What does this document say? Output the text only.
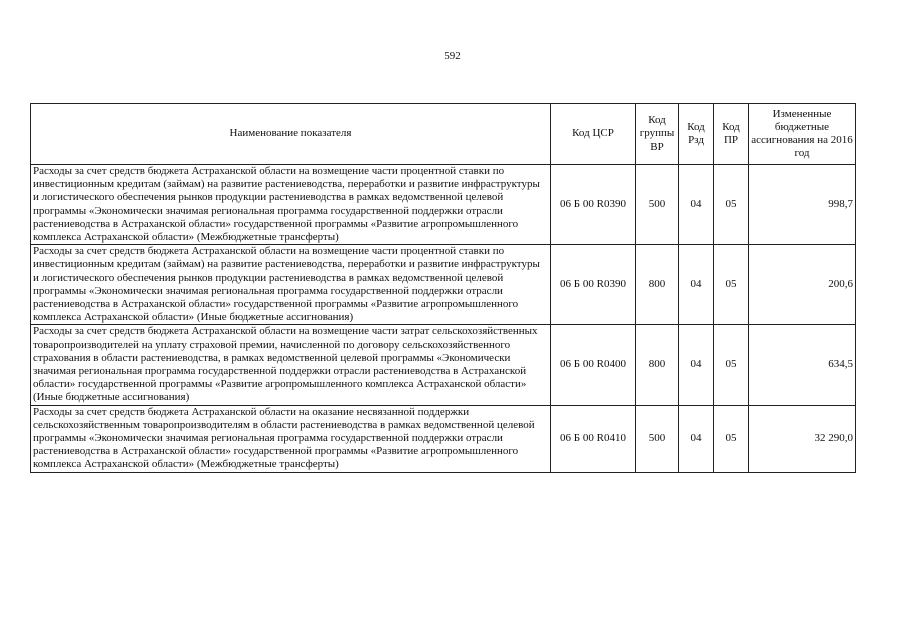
592
Наименование показателя	Код ЦСР	Код группы ВР	Код Рзд	Код ПР	Измененные бюджетные ассигнования на 2016 год
Расходы за счет средств бюджета Астраханской области на возмещение части процентной ставки по инвестиционным кредитам (займам) на развитие растениеводства, переработки и развитие инфраструктуры и логистического обеспечения рынков продукции растениеводства в рамках ведомственной целевой программы «Экономически значимая региональная программа государственной поддержки отрасли растениеводства в Астраханской области» государственной программы «Развитие агропромышленного комплекса Астраханской области» (Межбюджетные трансферты)	06 Б 00 R0390	500	04	05	998,7
Расходы за счет средств бюджета Астраханской области на возмещение части процентной ставки по инвестиционным кредитам (займам) на развитие растениеводства, переработки и развитие инфраструктуры и логистического обеспечения рынков продукции растениеводства в рамках ведомственной целевой программы «Экономически значимая региональная программа государственной поддержки отрасли растениеводства в Астраханской области» государственной программы «Развитие агропромышленного комплекса Астраханской области» (Иные бюджетные ассигнования)	06 Б 00 R0390	800	04	05	200,6
Расходы за счет средств бюджета Астраханской области на возмещение части затрат сельскохозяйственных товаропроизводителей на уплату страховой премии, начисленной по договору сельскохозяйственного страхования в области растениеводства, в рамках ведомственной целевой программы «Экономически значимая региональная программа государственной поддержки отрасли растениеводства в Астраханской области» государственной программы «Развитие агропромышленного комплекса Астраханской области» (Иные бюджетные ассигнования)	06 Б 00 R0400	800	04	05	634,5
Расходы за счет средств бюджета Астраханской области на оказание несвязанной поддержки сельскохозяйственным товаропроизводителям в области растениеводства в рамках ведомственной целевой программы «Экономически значимая региональная программа государственной поддержки отрасли растениеводства в Астраханской области» государственной программы «Развитие агропромышленного комплекса Астраханской области» (Межбюджетные трансферты)	06 Б 00 R0410	500	04	05	32 290,0
